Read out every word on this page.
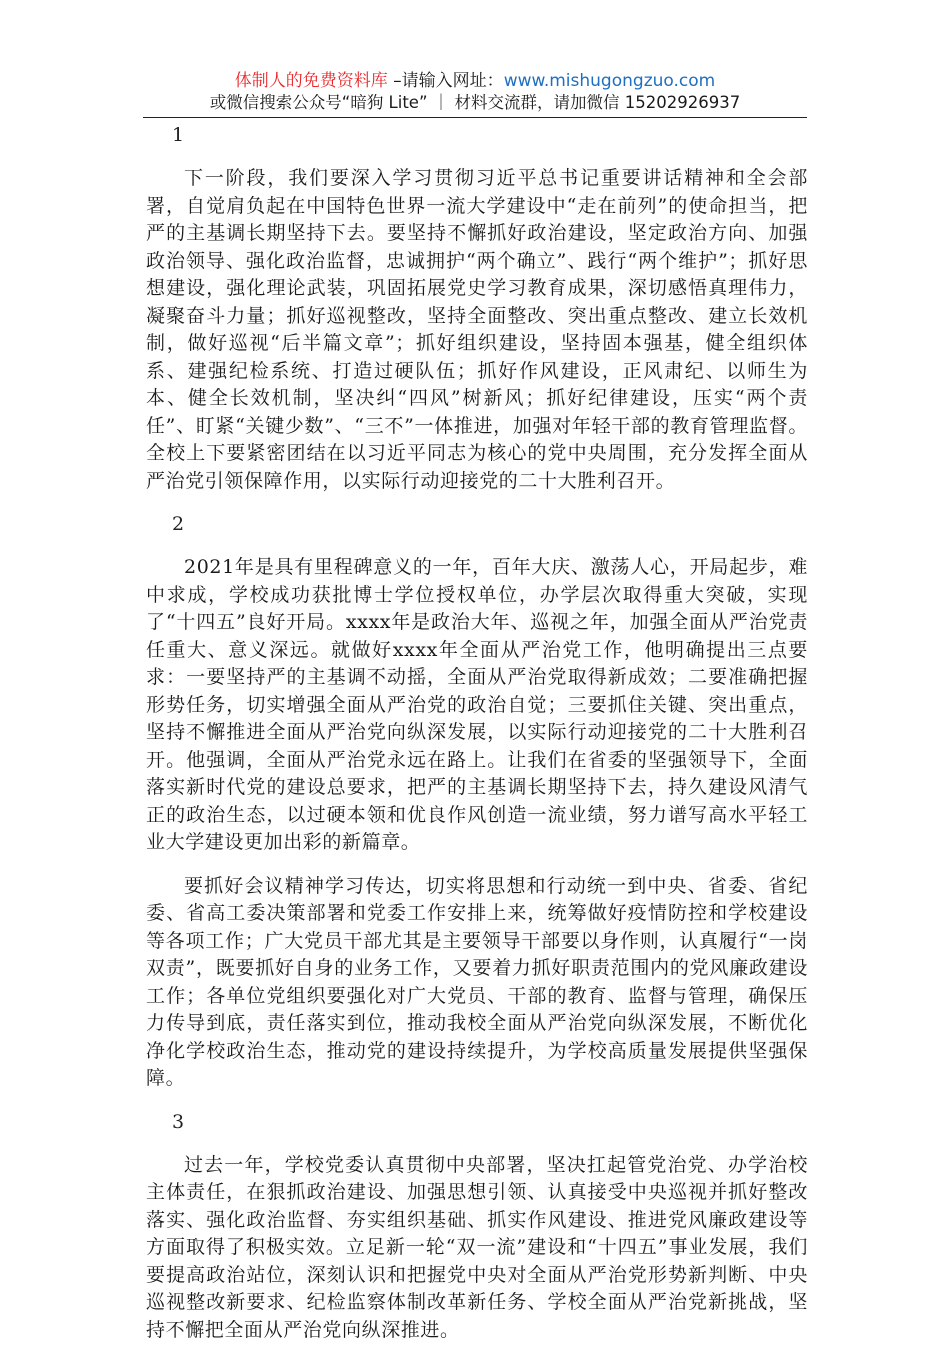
体制人的免费资料库 –请输入网址：www.mishugongzuo.com
或微信搜索公众号“暗狗 Lite” ｜ 材料交流群，请加微信 15202926937
1

下一阶段，我们要深入学习贯彻习近平总书记重要讲话精神和全会部署，自觉肩负起在中国特色世界一流大学建设中“走在前列”的使命担当，把严的主基调长期坚持下去。要坚持不懈抓好政治建设，坚定政治方向、加强政治领导、强化政治监督，忠诚拥护“两个确立”、践行“两个维护”；抓好思想建设，强化理论武装，巩固拓展党史学习教育成果，深切感悟真理伟力，凝聚奋斗力量；抓好巡视整改，坚持全面整改、突出重点整改、建立长效机制，做好巡视“后半篇文章”；抓好组织建设，坚持固本强基，健全组织体系、建强纪检系统、打造过硬队伍；抓好作风建设，正风肃纪、以师生为本、健全长效机制，坚决纠“四风”树新风；抓好纪律建设，压实“两个责任”、盯紧“关键少数”、“三不”一体推进，加强对年轻干部的教育管理监督。全校上下要紧密团结在以习近平同志为核心的党中央周围，充分发挥全面从严治党引领保障作用，以实际行动迎接党的二十大胜利召开。

2

2021年是具有里程碑意义的一年，百年大庆、激荡人心，开局起步，难中求成，学校成功获批博士学位授权单位，办学层次取得重大突破，实现了“十四五”良好开局。xxxx年是政治大年、巡视之年，加强全面从严治党责任重大、意义深远。就做好xxxx年全面从严治党工作，他明确提出三点要求：一要坚持严的主基调不动摇，全面从严治党取得新成效；二要准确把握形势任务，切实增强全面从严治党的政治自觉；三要抓住关键、突出重点，坚持不懈推进全面从严治党向纵深发展，以实际行动迎接党的二十大胜利召开。他强调，全面从严治党永远在路上。让我们在省委的坚强领导下，全面落实新时代党的建设总要求，把严的主基调长期坚持下去，持久建设风清气正的政治生态，以过硬本领和优良作风创造一流业绩，努力谱写高水平轻工业大学建设更加出彩的新篇章。

要抓好会议精神学习传达，切实将思想和行动统一到中央、省委、省纪委、省高工委决策部署和党委工作安排上来，统筹做好疫情防控和学校建设等各项工作；广大党员干部尤其是主要领导干部要以身作则，认真履行“一岗双责”，既要抓好自身的业务工作，又要着力抓好职责范围内的党风廉政建设工作；各单位党组织要强化对广大党员、干部的教育、监督与管理，确保压力传导到底，责任落实到位，推动我校全面从严治党向纵深发展，不断优化净化学校政治生态，推动党的建设持续提升，为学校高质量发展提供坚强保障。

3

过去一年，学校党委认真贯彻中央部署，坚决扛起管党治党、办学治校主体责任，在狠抓政治建设、加强思想引领、认真接受中央巡视并抓好整改落实、强化政治监督、夯实组织基础、抓实作风建设、推进党风廉政建设等方面取得了积极实效。立足新一轮“双一流”建设和“十四五”事业发展，我们要提高政治站位，深刻认识和把握党中央对全面从严治党形势新判断、中央巡视整改新要求、纪检监察体制改革新任务、学校全面从严治党新挑战，坚持不懈把全面从严治党向纵深推进。
